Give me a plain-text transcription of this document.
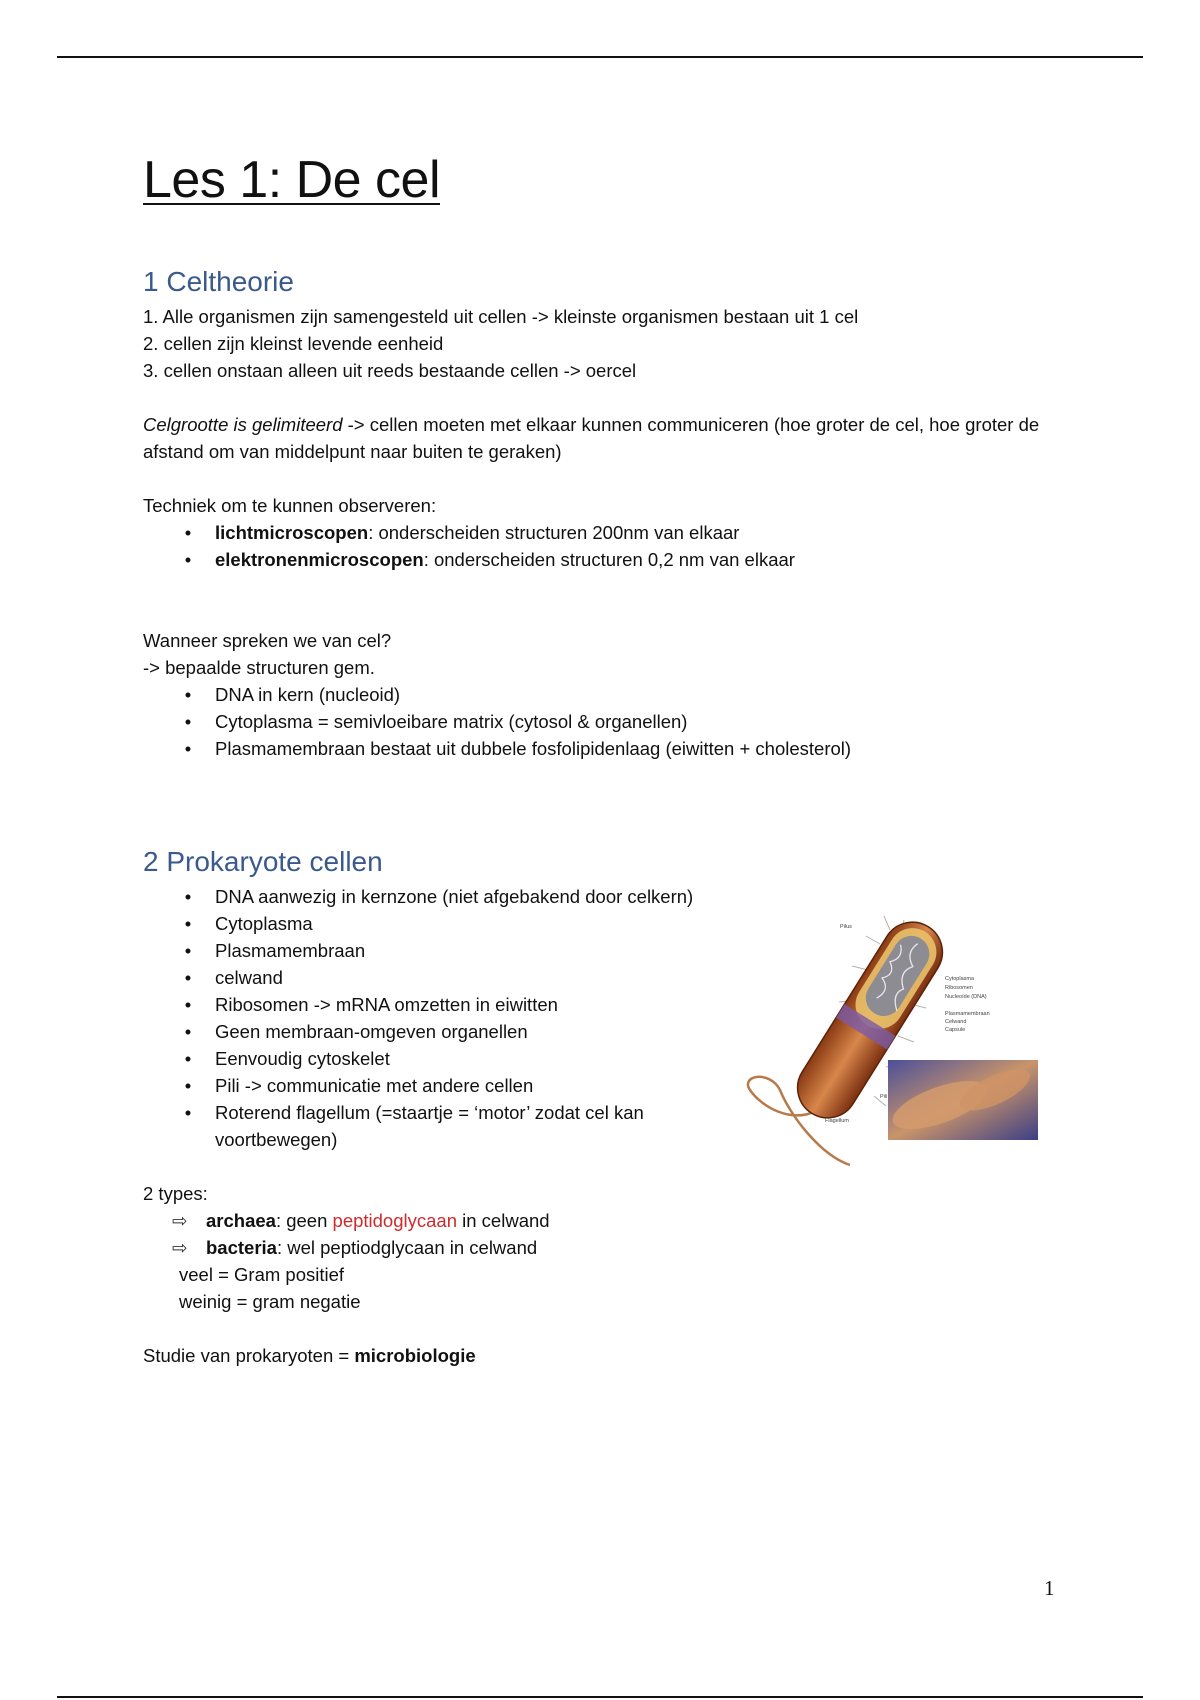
Les 1: De cel
1 Celtheorie

1. Alle organismen zijn samengesteld uit cellen -> kleinste organismen bestaan uit 1 cel

2. cellen zijn kleinst levende eenheid

3. cellen onstaan alleen uit reeds bestaande cellen -> oercel

Celgrootte is gelimiteerd -> cellen moeten met elkaar kunnen communiceren (hoe groter de cel, hoe groter de afstand om van middelpunt naar buiten te geraken)

Techniek om te kunnen observeren:

• lichtmicroscopen: onderscheiden structuren 200nm van elkaar
• elektronenmicroscopen: onderscheiden structuren 0,2 nm van elkaar

Wanneer spreken we van cel?

-> bepaalde structuren gem.

• DNA in kern (nucleoid)
• Cytoplasma = semivloeibare matrix (cytosol & organellen)
• Plasmamembraan bestaat uit dubbele fosfolipidenlaag (eiwitten + cholesterol)
2 Prokaryote cellen
• DNA aanwezig in kernzone (niet afgebakend door celkern)
• Cytoplasma
• Plasmamembraan
• celwand
• Ribosomen -> mRNA omzetten in eiwitten
• Geen membraan-omgeven organellen
• Eenvoudig cytoskelet
• Pili -> communicatie met andere cellen
• Roterend flagellum (=staartje = ‘motor’ zodat cel kan voortbewegen)
Pilus
Cytoplasma
Ribosomen
Nucleoïde (DNA)
Plasmamembraan
Celwand
Capsule
Flagellum
Pili

2 types:

⇨ archaea: geen peptidoglycaan in celwand
⇨ bacteria: wel peptiodglycaan in celwand

veel = Gram positief

weinig = gram negatie

Studie van prokaryoten = microbiologie

1
